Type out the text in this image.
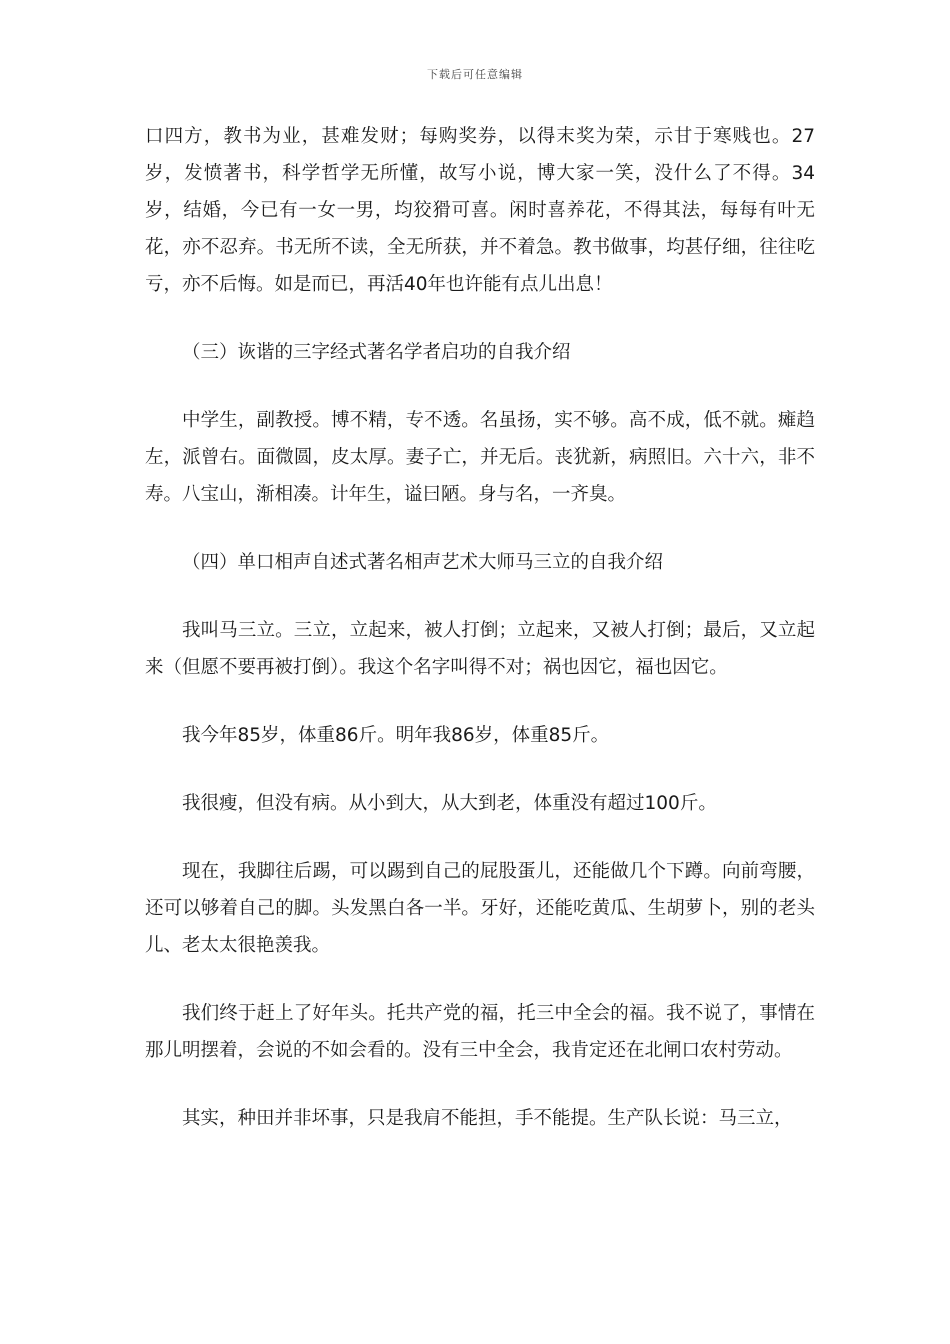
下载后可任意编辑

口四方，教书为业，甚难发财；每购奖券，以得末奖为荣，示甘于寒贱也。27岁，发愤著书，科学哲学无所懂，故写小说，博大家一笑，没什么了不得。34岁，结婚，今已有一女一男，均狡猾可喜。闲时喜养花，不得其法，每每有叶无花，亦不忍弃。书无所不读，全无所获，并不着急。教书做事，均甚仔细，往往吃亏，亦不后悔。如是而已，再活40年也许能有点儿出息！

（三）诙谐的三字经式著名学者启功的自我介绍

中学生，副教授。博不精，专不透。名虽扬，实不够。高不成，低不就。瘫趋左，派曾右。面微圆，皮太厚。妻子亡，并无后。丧犹新，病照旧。六十六，非不寿。八宝山，渐相凑。计年生，谥曰陋。身与名，一齐臭。

（四）单口相声自述式著名相声艺术大师马三立的自我介绍

我叫马三立。三立，立起来，被人打倒；立起来，又被人打倒；最后，又立起来（但愿不要再被打倒）。我这个名字叫得不对；祸也因它，福也因它。

我今年85岁，体重86斤。明年我86岁，体重85斤。

我很瘦，但没有病。从小到大，从大到老，体重没有超过100斤。

现在，我脚往后踢，可以踢到自己的屁股蛋儿，还能做几个下蹲。向前弯腰，还可以够着自己的脚。头发黑白各一半。牙好，还能吃黄瓜、生胡萝卜，别的老头儿、老太太很艳羡我。

我们终于赶上了好年头。托共产党的福，托三中全会的福。我不说了，事情在那儿明摆着，会说的不如会看的。没有三中全会，我肯定还在北闸口农村劳动。

其实，种田并非坏事，只是我肩不能担，手不能提。生产队长说：马三立，
